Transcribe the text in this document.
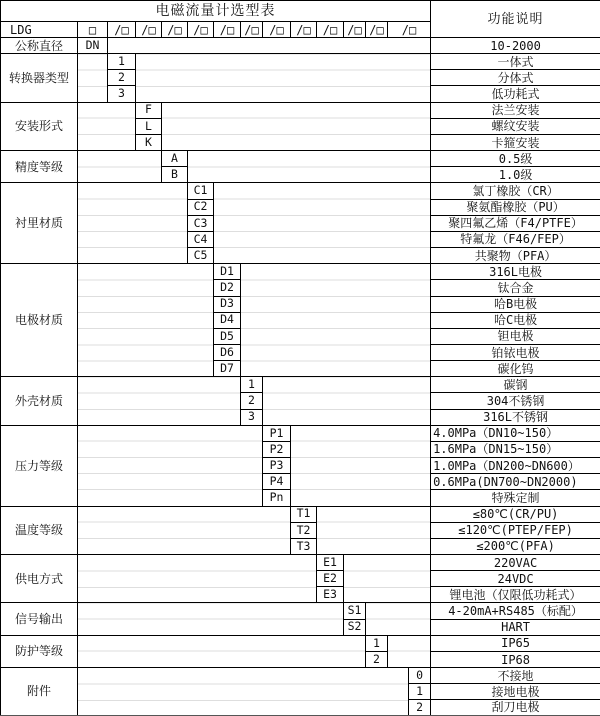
电磁流量计选型表															功能说明
LDG	□	/□	/□	/□	/□	/□	/□	/□	/□	/□	/□	/□	/□		
公称直径	DN														10-2000
转换器类型		1													一体式
		2													分体式
		3													低功耗式
安装形式			F												法兰安装
			L												螺纹安装
			K												卡箍安装
精度等级				A											0.5级
				B											1.0级
衬里材质					C1										氯丁橡胶（CR）
					C2										聚氨酯橡胶（PU）
					C3										聚四氟乙烯（F4/PTFE）
					C4										特氟龙（F46/FEP）
					C5										共聚物（PFA）
电极材质						D1									316L电极
						D2									钛合金
						D3									哈B电极
						D4									哈C电极
						D5									钽电极
						D6									铂铱电极
						D7									碳化钨
外壳材质							1								碳钢
							2								304不锈钢
							3								316L不锈钢
压力等级								P1							4.0MPa（DN10~150）
								P2							1.6MPa（DN15~150）
								P3							1.0MPa（DN200~DN600）
								P4							0.6MPa(DN700~DN2000)
								Pn							特殊定制
温度等级									T1						≤80℃(CR/PU)
									T2						≤120℃(PTEP/FEP)
									T3						≤200℃(PFA)
供电方式										E1					220VAC
										E2					24VDC
										E3					锂电池（仅限低功耗式）
信号输出											S1				4-20mA+RS485（标配）
											S2				HART
防护等级												1			IP65
												2			IP68
附件														0	不接地
														1	接地电极
														2	刮刀电极
